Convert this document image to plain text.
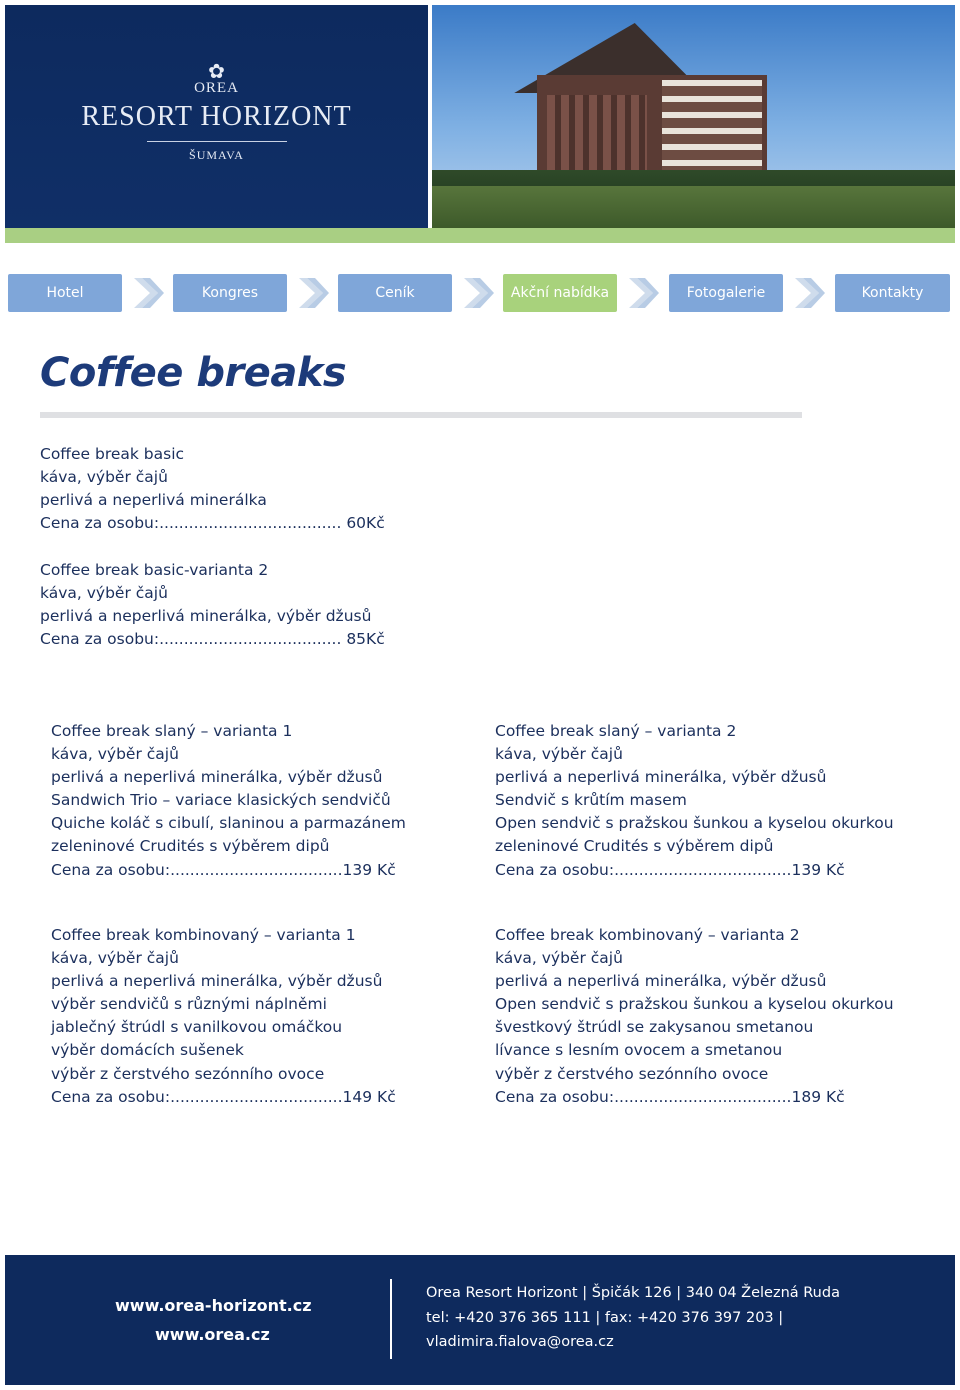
✿
OREA
RESORT HORIZONT
ŠUMAVA
Hotel	Kongres	Ceník	Akční nabídka	Fotogalerie	Kontakty
Coffee breaks
Coffee break basic
káva, výběr čajů
perlivá a neperlivá minerálka
Cena za osobu:..................................... 60Kč
Coffee break basic-varianta 2
káva, výběr čajů
perlivá a neperlivá minerálka, výběr džusů
Cena za osobu:..................................... 85Kč
Coffee break slaný – varianta 1
káva, výběr čajů
perlivá a neperlivá minerálka, výběr džusů
Sandwich Trio – variace klasických sendvičů
Quiche koláč s cibulí, slaninou a parmazánem
zeleninové Crudités s výběrem dipů
Cena za osobu:...................................139 Kč
Coffee break slaný – varianta 2
káva, výběr čajů
perlivá a neperlivá minerálka, výběr džusů
Sendvič s krůtím masem
Open sendvič s pražskou šunkou a kyselou okurkou
zeleninové Crudités s výběrem dipů
Cena za osobu:....................................139 Kč
Coffee break kombinovaný – varianta 1
káva, výběr čajů
perlivá a neperlivá minerálka, výběr džusů
výběr sendvičů s různými náplněmi
jablečný štrúdl s vanilkovou omáčkou
výběr domácích sušenek
výběr z čerstvého sezónního ovoce
Cena za osobu:...................................149 Kč
Coffee break kombinovaný – varianta 2
káva, výběr čajů
perlivá a neperlivá minerálka, výběr džusů
Open sendvič s pražskou šunkou a kyselou okurkou
švestkový štrúdl se zakysanou smetanou
lívance s lesním ovocem a smetanou
výběr z čerstvého sezónního ovoce
Cena za osobu:....................................189 Kč
www.orea-horizont.cz
www.orea.cz
Orea Resort Horizont | Špičák 126 | 340 04 Železná Ruda
tel: +420 376 365 111 | fax: +420 376 397 203 |
vladimira.fialova@orea.cz
